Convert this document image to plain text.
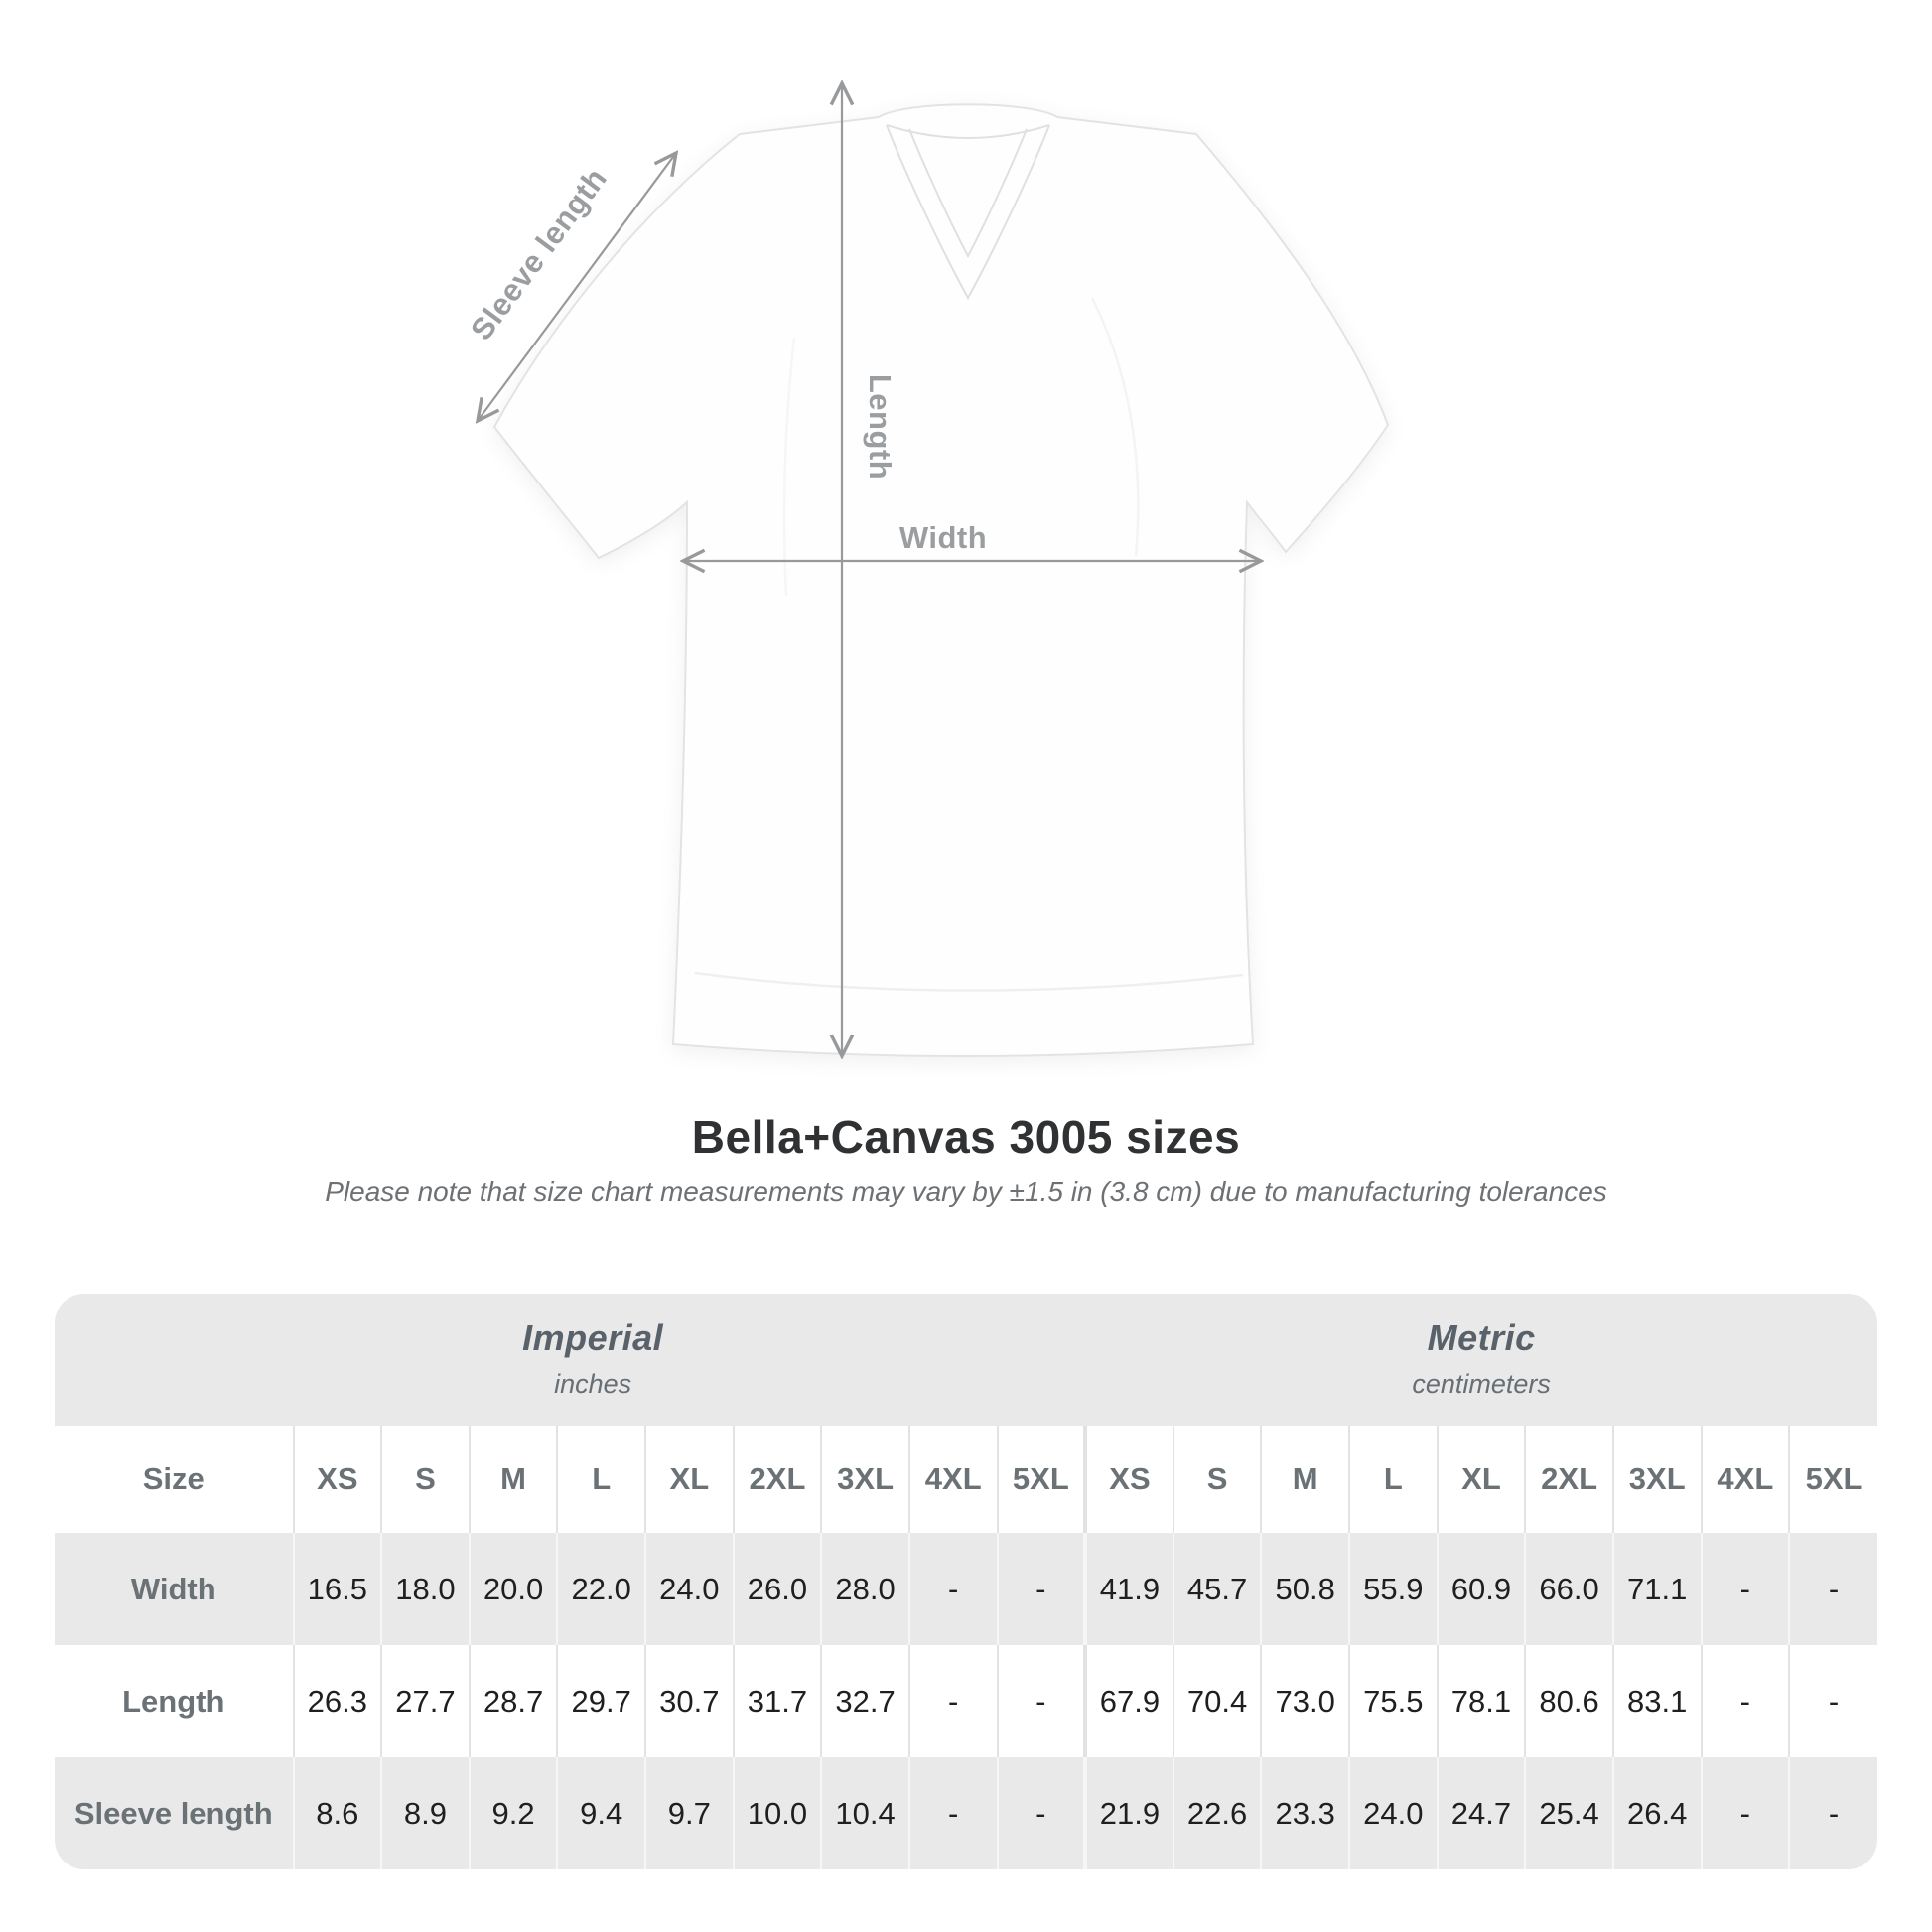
Sleeve length
Length
Width
Bella+Canvas 3005 sizes

Please note that size chart measurements may vary by ±1.5 in (3.8 cm) due to manufacturing tolerances

Imperial
inches
Metric
centimeters
Size	XS	S	M	L	XL	2XL	3XL	4XL	5XL	XS	S	M	L	XL	2XL	3XL	4XL	5XL
Width	16.5	18.0	20.0	22.0	24.0	26.0	28.0	-	-	41.9	45.7	50.8	55.9	60.9	66.0	71.1	-	-
Length	26.3	27.7	28.7	29.7	30.7	31.7	32.7	-	-	67.9	70.4	73.0	75.5	78.1	80.6	83.1	-	-
Sleeve length	8.6	8.9	9.2	9.4	9.7	10.0	10.4	-	-	21.9	22.6	23.3	24.0	24.7	25.4	26.4	-	-
